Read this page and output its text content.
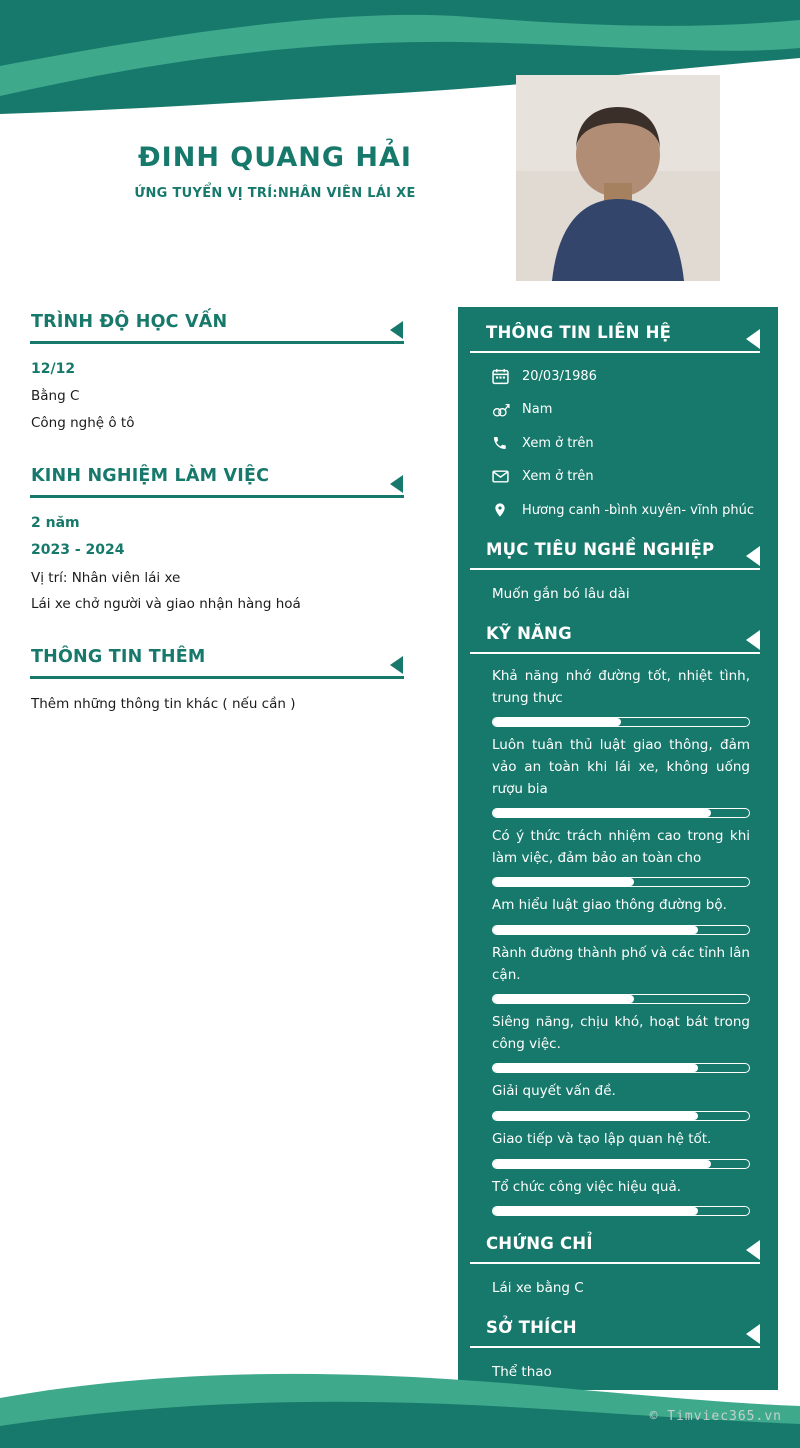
ĐINH QUANG HẢI
ỨNG TUYỂN VỊ TRÍ:NHÂN VIÊN LÁI XE
TRÌNH ĐỘ HỌC VẤN
12/12
Bằng C
Công nghệ ô tô
KINH NGHIỆM LÀM VIỆC
2 năm
2023 - 2024
Vị trí: Nhân viên lái xe
Lái xe chở người và giao nhận hàng hoá
THÔNG TIN THÊM
Thêm những thông tin khác ( nếu cần )
THÔNG TIN LIÊN HỆ
20/03/1986
Nam
Xem ở trên
Xem ở trên
Hương canh -bình xuyên- vĩnh phúc
MỤC TIÊU NGHỀ NGHIỆP
Muốn gắn bó lâu dài
KỸ NĂNG
Khả năng nhớ đường tốt, nhiệt tình, trung thực
Luôn tuân thủ luật giao thông, đảm vảo an toàn khi lái xe, không uống rượu bia
Có ý thức trách nhiệm cao trong khi làm việc, đảm bảo an toàn cho
Am hiểu luật giao thông đường bộ.
Rành đường thành phố và các tỉnh lân cận.
Siêng năng, chịu khó, hoạt bát trong công việc.
Giải quyết vấn đề.
Giao tiếp và tạo lập quan hệ tốt.
Tổ chức công việc hiệu quả.
CHỨNG CHỈ
Lái xe bằng C
SỞ THÍCH
Thể thao
© Timviec365.vn
